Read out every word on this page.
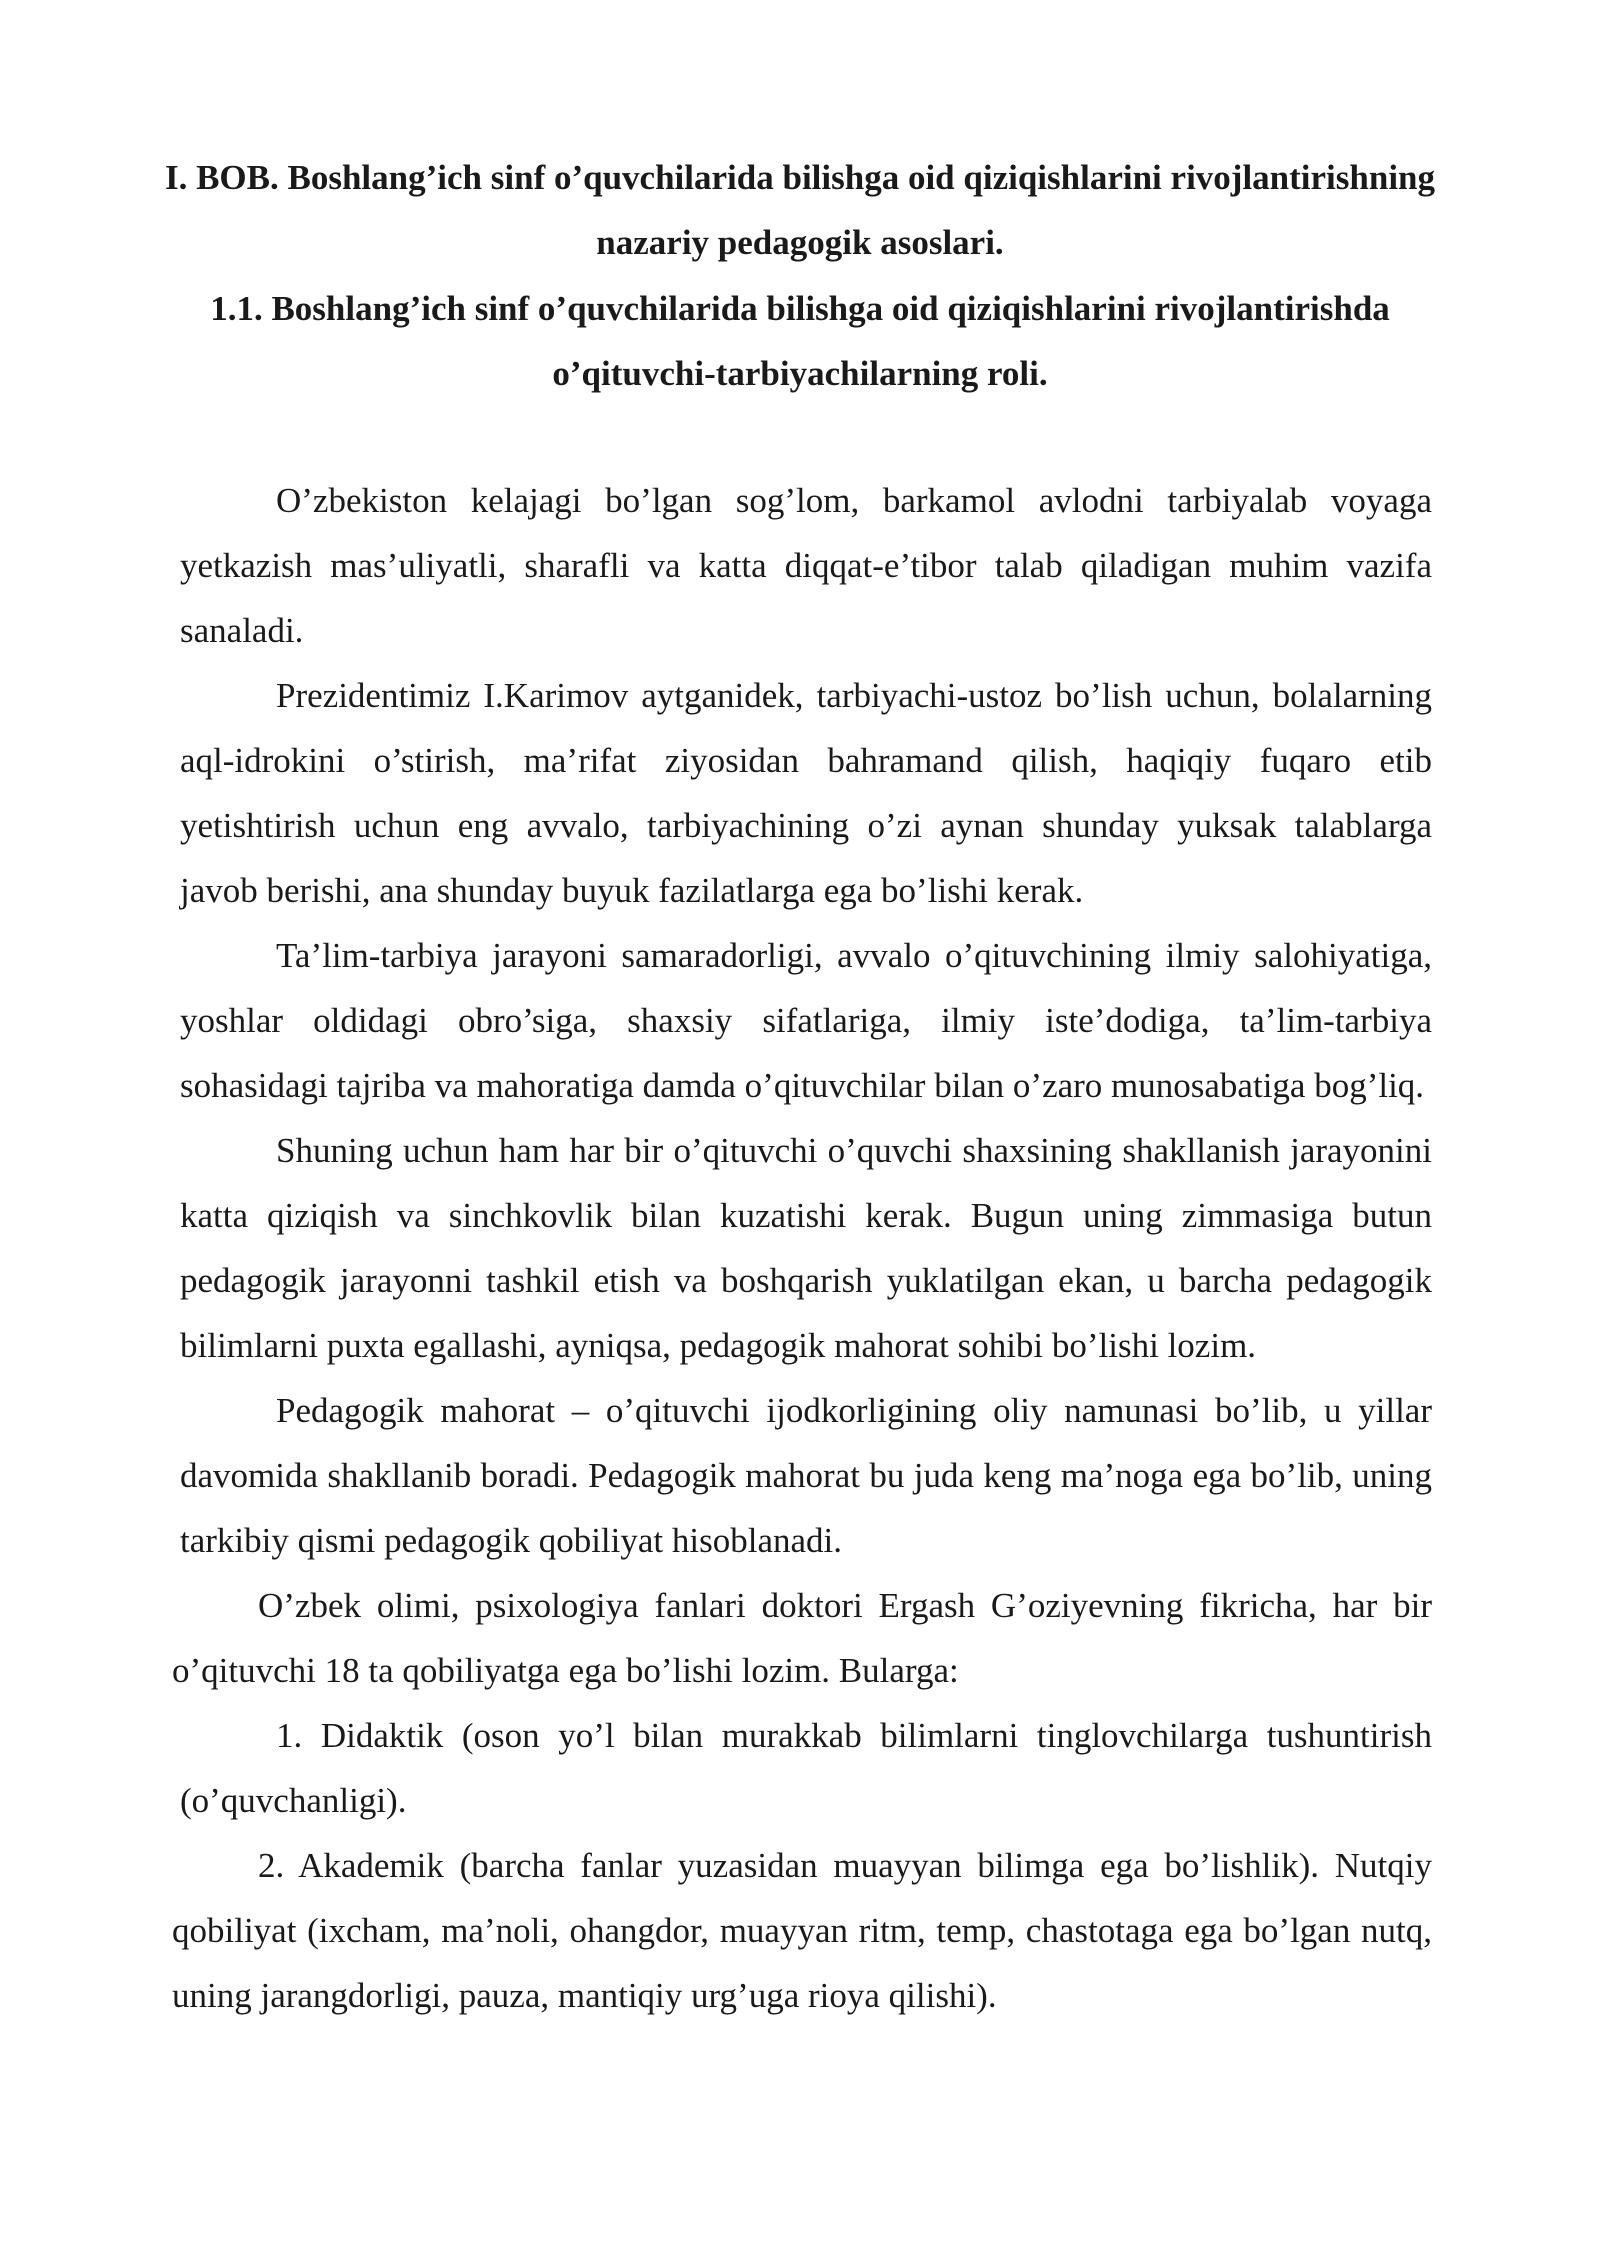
I. BOB. Boshlang’ich sinf o’quvchilarida bilishga oid qiziqishlarini rivojlantirishning nazariy pedagogik asoslari.
1.1. Boshlang’ich sinf o’quvchilarida bilishga oid qiziqishlarini rivojlantirishda o’qituvchi-tarbiyachilarning roli.

O’zbekiston kelajagi bo’lgan sog’lom, barkamol avlodni tarbiyalab voyaga yetkazish mas’uliyatli, sharafli va katta diqqat-e’tibor talab qiladigan muhim vazifa sanaladi.

Prezidentimiz I.Karimov aytganidek, tarbiyachi-ustoz bo’lish uchun, bolalarning aql-idrokini o’stirish, ma’rifat ziyosidan bahramand qilish, haqiqiy fuqaro etib yetishtirish uchun eng avvalo, tarbiyachining o’zi aynan shunday yuksak talablarga javob berishi, ana shunday buyuk fazilatlarga ega bo’lishi kerak.

Ta’lim-tarbiya jarayoni samaradorligi, avvalo o’qituvchining ilmiy salohiyatiga, yoshlar oldidagi obro’siga, shaxsiy sifatlariga, ilmiy iste’dodiga, ta’lim-tarbiya sohasidagi tajriba va mahoratiga damda o’qituvchilar bilan o’zaro munosabatiga bog’liq.

Shuning uchun ham har bir o’qituvchi o’quvchi shaxsining shakllanish jarayonini katta qiziqish va sinchkovlik bilan kuzatishi kerak. Bugun uning zimmasiga butun pedagogik jarayonni tashkil etish va boshqarish yuklatilgan ekan, u barcha pedagogik bilimlarni puxta egallashi, ayniqsa, pedagogik mahorat sohibi bo’lishi lozim.

Pedagogik mahorat – o’qituvchi ijodkorligining oliy namunasi bo’lib, u yillar davomida shakllanib boradi. Pedagogik mahorat bu juda keng ma’noga ega bo’lib, uning tarkibiy qismi pedagogik qobiliyat hisoblanadi.

O’zbek olimi, psixologiya fanlari doktori Ergash G’oziyevning fikricha, har bir o’qituvchi 18 ta qobiliyatga ega bo’lishi lozim. Bularga:

1. Didaktik (oson yo’l bilan murakkab bilimlarni tinglovchilarga tushuntirish (o’quvchanligi).

2. Akademik (barcha fanlar yuzasidan muayyan bilimga ega bo’lishlik). Nutqiy qobiliyat (ixcham, ma’noli, ohangdor, muayyan ritm, temp, chastotaga ega bo’lgan nutq, uning jarangdorligi, pauza, mantiqiy urg’uga rioya qilishi).
